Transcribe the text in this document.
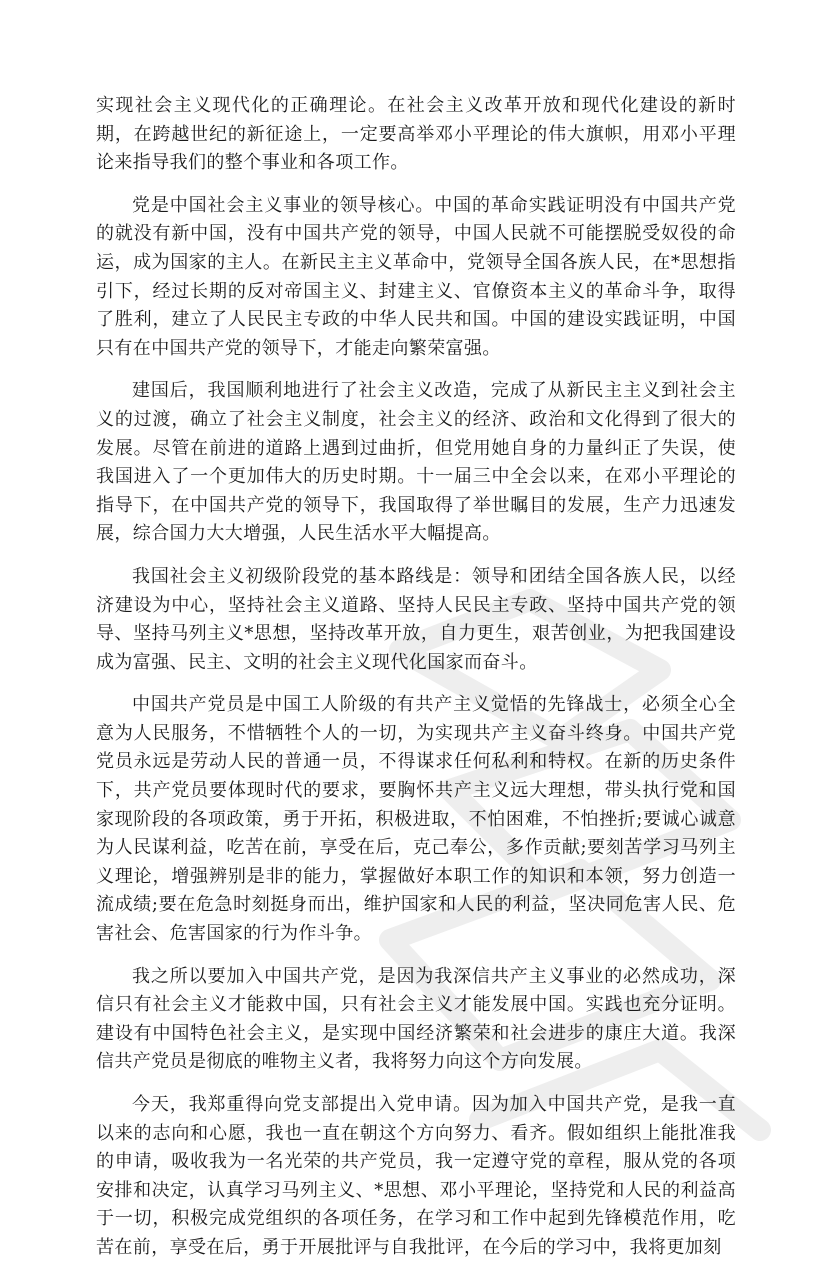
实现社会主义现代化的正确理论。在社会主义改革开放和现代化建设的新时期，在跨越世纪的新征途上，一定要高举邓小平理论的伟大旗帜，用邓小平理论来指导我们的整个事业和各项工作。

党是中国社会主义事业的领导核心。中国的革命实践证明没有中国共产党的就没有新中国，没有中国共产党的领导，中国人民就不可能摆脱受奴役的命运，成为国家的主人。在新民主主义革命中，党领导全国各族人民，在*思想指引下，经过长期的反对帝国主义、封建主义、官僚资本主义的革命斗争，取得了胜利，建立了人民民主专政的中华人民共和国。中国的建设实践证明，中国只有在中国共产党的领导下，才能走向繁荣富强。

建国后，我国顺利地进行了社会主义改造，完成了从新民主主义到社会主义的过渡，确立了社会主义制度，社会主义的经济、政治和文化得到了很大的发展。尽管在前进的道路上遇到过曲折，但党用她自身的力量纠正了失误，使我国进入了一个更加伟大的历史时期。十一届三中全会以来，在邓小平理论的指导下，在中国共产党的领导下，我国取得了举世瞩目的发展，生产力迅速发展，综合国力大大增强，人民生活水平大幅提高。

我国社会主义初级阶段党的基本路线是：领导和团结全国各族人民，以经济建设为中心，坚持社会主义道路、坚持人民民主专政、坚持中国共产党的领导、坚持马列主义*思想，坚持改革开放，自力更生，艰苦创业，为把我国建设成为富强、民主、文明的社会主义现代化国家而奋斗。

中国共产党员是中国工人阶级的有共产主义觉悟的先锋战士，必须全心全意为人民服务，不惜牺牲个人的一切，为实现共产主义奋斗终身。中国共产党党员永远是劳动人民的普通一员，不得谋求任何私利和特权。在新的历史条件下，共产党员要体现时代的要求，要胸怀共产主义远大理想，带头执行党和国家现阶段的各项政策，勇于开拓，积极进取，不怕困难，不怕挫折;要诚心诚意为人民谋利益，吃苦在前，享受在后，克己奉公，多作贡献;要刻苦学习马列主义理论，增强辨别是非的能力，掌握做好本职工作的知识和本领，努力创造一流成绩;要在危急时刻挺身而出，维护国家和人民的利益，坚决同危害人民、危害社会、危害国家的行为作斗争。

我之所以要加入中国共产党，是因为我深信共产主义事业的必然成功，深信只有社会主义才能救中国，只有社会主义才能发展中国。实践也充分证明。建设有中国特色社会主义，是实现中国经济繁荣和社会进步的康庄大道。我深信共产党员是彻底的唯物主义者，我将努力向这个方向发展。

今天，我郑重得向党支部提出入党申请。因为加入中国共产党，是我一直以来的志向和心愿，我也一直在朝这个方向努力、看齐。假如组织上能批准我的申请，吸收我为一名光荣的共产党员，我一定遵守党的章程，服从党的各项安排和决定，认真学习马列主义、*思想、邓小平理论，坚持党和人民的利益高于一切，积极完成党组织的各项任务，在学习和工作中起到先锋模范作用，吃苦在前，享受在后，勇于开展批评与自我批评，在今后的学习中，我将更加刻
